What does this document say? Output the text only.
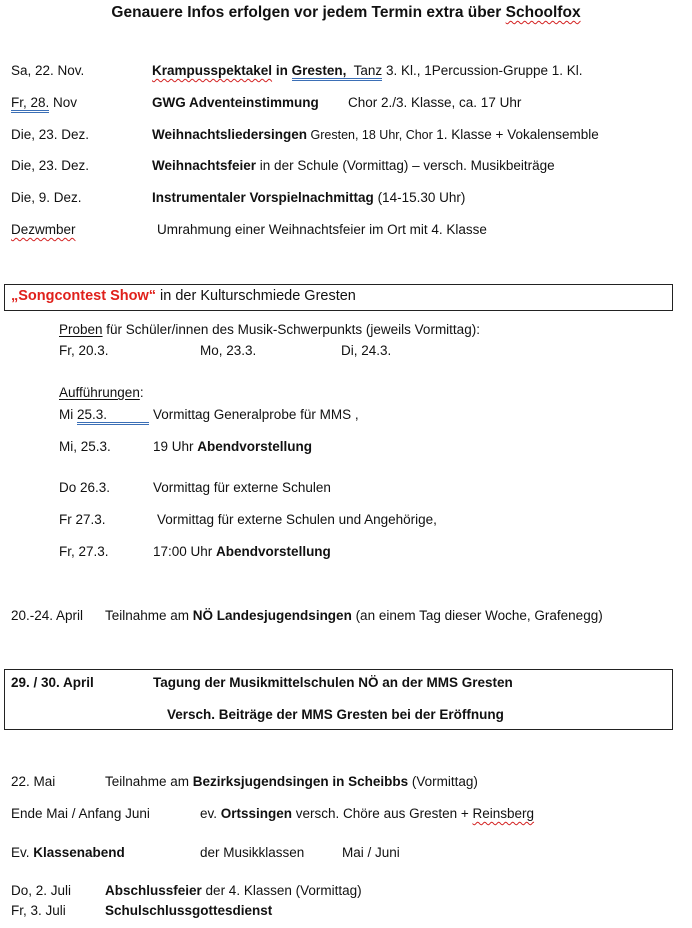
Genauere Infos erfolgen vor jedem Termin extra über Schoolfox
Sa, 22. Nov.	Krampusspektakel in Gresten, Tanz 3. Kl., 1Percussion-Gruppe 1. Kl.
Fr, 28. Nov	GWG Adventeinstimmung Chor 2./3. Klasse, ca. 17 Uhr
Die, 23. Dez.	Weihnachtsliedersingen Gresten, 18 Uhr, Chor 1. Klasse + Vokalensemble
Die, 23. Dez.	Weihnachtsfeier in der Schule (Vormittag) – versch. Musikbeiträge
Die, 9. Dez.	Instrumentaler Vorspielnachmittag (14-15.30 Uhr)
Dezwmber	Umrahmung einer Weihnachtsfeier im Ort mit 4. Klasse
„Songcontest Show“ in der Kulturschmiede Gresten
Proben für Schüler/innen des Musik-Schwerpunkts (jeweils Vormittag):
Fr, 20.3.	Mo, 23.3.	Di, 24.3.
Aufführungen:
Mi 25.3.	Vormittag Generalprobe für MMS ,
Mi, 25.3.	19 Uhr Abendvorstellung
Do 26.3.	Vormittag für externe Schulen
Fr 27.3.	Vormittag für externe Schulen und Angehörige,
Fr, 27.3.	17:00 Uhr Abendvorstellung
20.-24. April Teilnahme am NÖ Landesjugendsingen (an einem Tag dieser Woche, Grafenegg)
29. / 30. April	Tagung der Musikmittelschulen NÖ an der MMS Gresten
Versch. Beiträge der MMS Gresten bei der Eröffnung
22. Mai	Teilnahme am Bezirksjugendsingen in Scheibbs (Vormittag)
Ende Mai / Anfang Juni	ev. Ortssingen versch. Chöre aus Gresten + Reinsberg
Ev. Klassenabend	der Musikklassen	Mai / Juni
Do, 2. Juli	Abschlussfeier der 4. Klassen (Vormittag)
Fr, 3. Juli	Schulschlussgottesdienst
